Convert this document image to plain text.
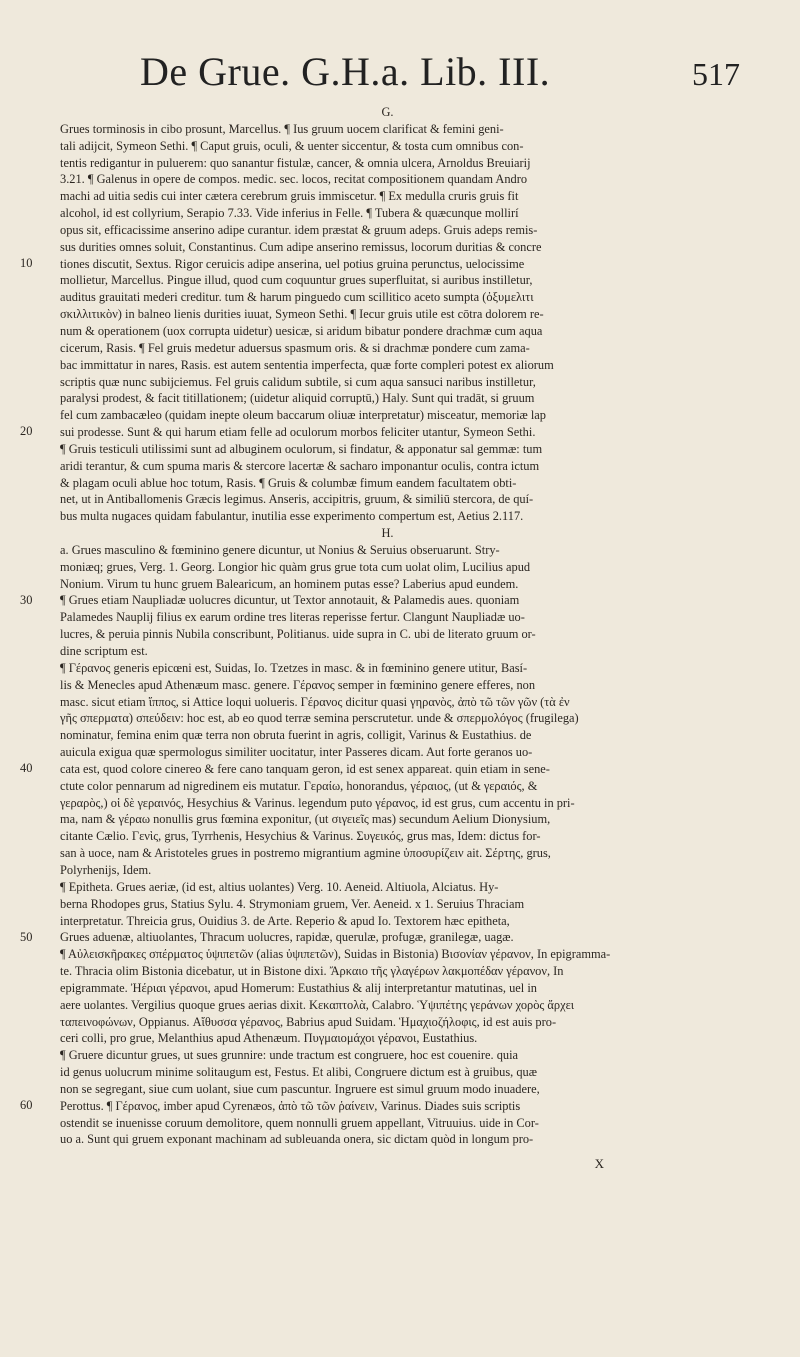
De Grue. G.H.a. Lib. III.	517
G.
Grues torminosis in cibo prosunt, Marcellus. ¶ Ius gruum uocem clarificat & femini geni-
tali adijcit, Symeon Sethi. ¶ Caput gruis, oculi, & uenter siccentur, & tosta cum omnibus con-
tentis redigantur in puluerem: quo sanantur fistulæ, cancer, & omnia ulcera, Arnoldus Breuiarij
3.21. ¶ Galenus in opere de compos. medic. sec. locos, recitat compositionem quandam Andro
machi ad uitia sedis cui inter cætera cerebrum gruis immiscetur. ¶ Ex medulla cruris gruis fit
alcohol, id est collyrium, Serapio 7.33. Vide inferius in Felle. ¶ Tubera & quæcunque mollirí
opus sit, efficacissime anserino adipe curantur. idem præstat & gruum adeps. Gruis adeps remis-
sus durities omnes soluit, Constantinus. Cum adipe anserino remissus, locorum duritias & concre
tiones discutit, Sextus. Rigor ceruicis adipe anserina, uel potius gruina perunctus, uelocissime
mollietur, Marcellus. Pingue illud, quod cum coquuntur grues superfluitat, si auribus instilletur,
auditus grauitati mederi creditur. tum & harum pinguedo cum scillitico aceto sumpta (ὀξυμελιτι
σκιλλιτικὸν) in balneo lienis durities iuuat, Symeon Sethi. ¶ Iecur gruis utile est cōtra dolorem re-
num & operationem (uox corrupta uidetur) uesicæ, si aridum bibatur pondere drachmæ cum aqua
cicerum, Rasis. ¶ Fel gruis medetur aduersus spasmum oris. & si drachmæ pondere cum zama-
bac immittatur in nares, Rasis. est autem sententia imperfecta, quæ forte compleri potest ex aliorum
scriptis quæ nunc subijciemus. Fel gruis calidum subtile, si cum aqua sansuci naribus instilletur,
paralysi prodest, & facit titillationem; (uidetur aliquid corruptū,) Haly. Sunt qui tradāt, si gruum
fel cum zambacæleo (quidam inepte oleum baccarum oliuæ interpretatur) misceatur, memoriæ lap
sui prodesse. Sunt & qui harum etiam felle ad oculorum morbos feliciter utantur, Symeon Sethi.
¶ Gruis testiculi utilissimi sunt ad albuginem oculorum, si findatur, & apponatur sal gemmæ: tum
aridi terantur, & cum spuma maris & stercore lacertæ & sacharo imponantur oculis, contra ictum
& plagam oculi ablue hoc totum, Rasis. ¶ Gruis & columbæ fimum eandem facultatem obti-
net, ut in Antiballomenis Græcis legimus. Anseris, accipitris, gruum, & similiū stercora, de quí-
bus multa nugaces quidam fabulantur, inutilia esse experimento compertum est, Aetius 2.117.
H.
a. Grues masculino & fœminino genere dicuntur, ut Nonius & Seruius obseruarunt. Stry-
moniæq; grues, Verg. 1. Georg. Longior hic quàm grus grue tota cum uolat olim, Lucilius apud
Nonium. Virum tu hunc gruem Balearicum, an hominem putas esse? Laberius apud eundem.
¶ Grues etiam Naupliadæ uolucres dicuntur, ut Textor annotauit, & Palamedis aues. quoniam
Palamedes Nauplij filius ex earum ordine tres literas reperisse fertur. Clangunt Naupliadæ uo-
lucres, & peruia pinnis Nubila conscribunt, Politianus. uide supra in C. ubi de literato gruum or-
dine scriptum est.
¶ Γέρανος generis epicœni est, Suidas, Io. Tzetzes in masc. & in fœminino genere utitur, Basí-
lis & Menecles apud Athenæum masc. genere. Γέρανος semper in fœminino genere efferes, non
masc. sicut etiam ἵππος, si Attice loqui uolueris. Γέρανος dicitur quasi γηρανὸς, ἀπὸ τῶ τῶν γῶν (τὰ ἐν
γῆς σπερματα) σπεύδειν: hoc est, ab eo quod terræ semina perscrutetur. unde & σπερμολόγος (frugilega)
nominatur, femina enim quæ terra non obruta fuerint in agris, colligit, Varinus & Eustathius. de
auicula exigua quæ spermologus similiter uocitatur, inter Passeres dicam. Aut forte geranos uo-
cata est, quod colore cinereo & fere cano tanquam geron, id est senex appareat. quin etiam in sene-
ctute color pennarum ad nigredinem eis mutatur. Γεραίω, honorandus, γέραιος, (ut & γεραιός, &
γεραρὸς,) οἱ δὲ γεραινός, Hesychius & Varinus. legendum puto γέρανος, id est grus, cum accentu in pri-
ma, nam & γέραω nonullis grus fœmina exponitur, (ut σιγειεῖς mas) secundum Aelium Dionysium,
citante Cælio. Γενὶς, grus, Tyrrhenis, Hesychius & Varinus. Συγεικός, grus mas, Idem: dictus for-
san à uoce, nam & Aristoteles grues in postremo migrantium agmine ὑποσυρίζειν ait. Σέρτης, grus,
Polyrhenijs, Idem.
¶ Epitheta. Grues aeriæ, (id est, altius uolantes) Verg. 10. Aeneid. Altiuola, Alciatus. Hy-
berna Rhodopes grus, Statius Sylu. 4. Strymoniam gruem, Ver. Aeneid. x 1. Seruius Thraciam
interpretatur. Threicia grus, Ouidius 3. de Arte. Reperio & apud Io. Textorem hæc epitheta,
Grues aduenæ, altiuolantes, Thracum uolucres, rapidæ, querulæ, profugæ, granilegæ, uagæ.
¶ Αὐλεισκῆρακες σπέρματος ὑψιπετῶν (alias ὑψιπετῶν), Suidas in Bistonia) Βισονίαν γέρανον, In epigramma-
te. Thracia olim Bistonia dicebatur, ut in Bistone dixi. Ἄρκαιο τῆς γλαγέρων λακμοπέδαν γέρανον, In
epigrammate. Ἠέριαι γέρανοι, apud Homerum: Eustathius & alij interpretantur matutinas, uel in
aere uolantes. Vergilius quoque grues aerias dixit. Κεκαπτολὰ, Calabro. Ὑψιπέτης γεράνων χορὸς ἄρχει
ταπεινοφώνων, Oppianus. Αἴθυσσα γέρανος, Babrius apud Suidam. Ἡμαχιοζήλοφις, id est auis pro-
ceri colli, pro grue, Melanthius apud Athenæum. Πυγμαιομάχοι γέρανοι, Eustathius.
¶ Gruere dicuntur grues, ut sues grunnire: unde tractum est congruere, hoc est couenire. quia
id genus uolucrum minime solitaugum est, Festus. Et alibi, Congruere dictum est à gruibus, quæ
non se segregant, siue cum uolant, siue cum pascuntur. Ingruere est simul gruum modo inuadere,
Perottus. ¶ Γέρανος, imber apud Cyrenæos, ἀπὸ τῶ τῶν ῥαίνειν, Varinus. Diades suis scriptis
ostendit se inuenisse coruum demolitore, quem nonnulli gruem appellant, Vitruuius. uide in Cor-
uo a. Sunt qui gruem exponant machinam ad subleuanda onera, sic dictam quòd in longum pro-
10
20
30
40
50
60
X
